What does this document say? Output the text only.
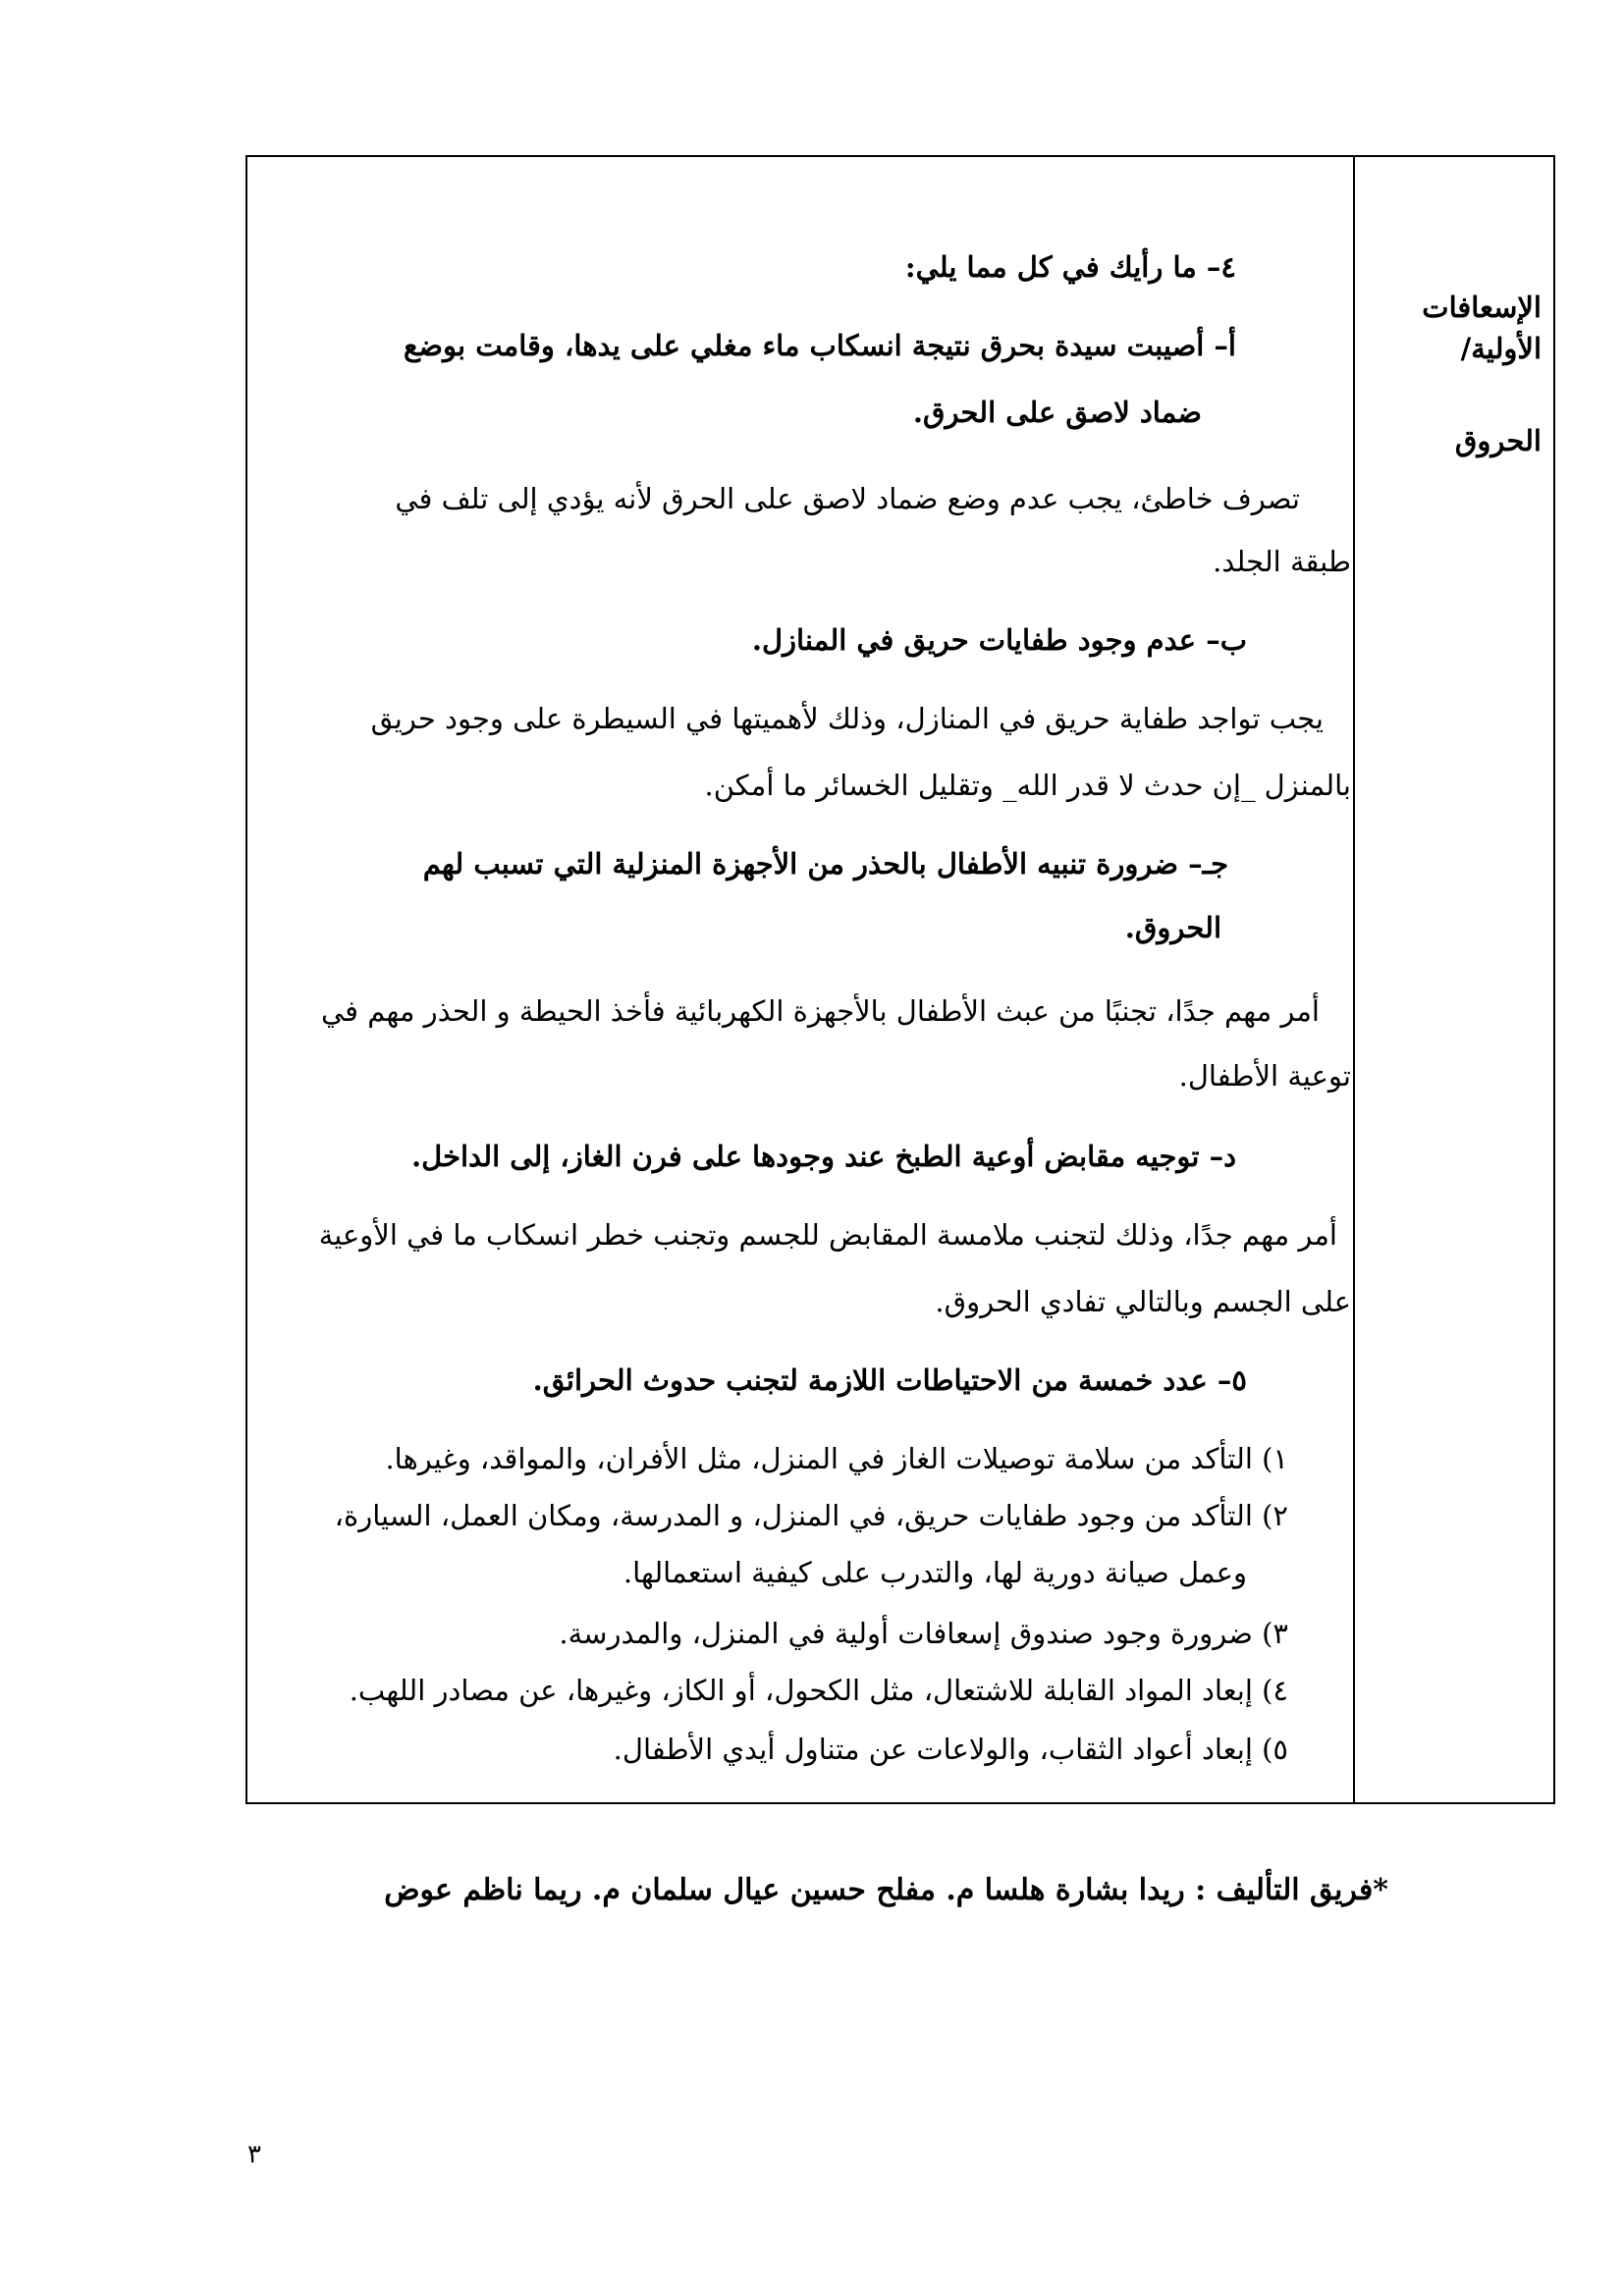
الإسعافات
الأولية/
الحروق
٤– ما رأيك في كل مما يلي:
أ– أصيبت سيدة بحرق نتيجة انسكاب ماء مغلي على يدها، وقامت بوضع
ضماد لاصق على الحرق.
تصرف خاطئ، يجب عدم وضع ضماد لاصق على الحرق لأنه يؤدي إلى تلف في
طبقة الجلد.
ب– عدم وجود طفايات حريق في المنازل.
يجب تواجد طفاية حريق في المنازل، وذلك لأهميتها في السيطرة على وجود حريق
بالمنزل _إن حدث لا قدر الله_ وتقليل الخسائر ما أمكن.
جـ– ضرورة تنبيه الأطفال بالحذر من الأجهزة المنزلية التي تسبب لهم
الحروق.
أمر مهم جدًا، تجنبًا من عبث الأطفال بالأجهزة الكهربائية فأخذ الحيطة و الحذر مهم في
توعية الأطفال.
د– توجيه مقابض أوعية الطبخ عند وجودها على فرن الغاز، إلى الداخل.
أمر مهم جدًا، وذلك لتجنب ملامسة المقابض للجسم وتجنب خطر انسكاب ما في الأوعية
على الجسم وبالتالي تفادي الحروق.
٥– عدد خمسة من الاحتياطات اللازمة لتجنب حدوث الحرائق.
١) التأكد من سلامة توصيلات الغاز في المنزل، مثل الأفران، والمواقد، وغيرها.
٢) التأكد من وجود طفايات حريق، في المنزل، و المدرسة، ومكان العمل، السيارة،
وعمل صيانة دورية لها، والتدرب على كيفية استعمالها.
٣) ضرورة وجود صندوق إسعافات أولية في المنزل، والمدرسة.
٤) إبعاد المواد القابلة للاشتعال، مثل الكحول، أو الكاز، وغيرها، عن مصادر اللهب.
٥) إبعاد أعواد الثقاب، والولاعات عن متناول أيدي الأطفال.
*فريق التأليف : ريدا بشارة هلسا م. مفلح حسين عيال سلمان م. ريما ناظم عوض
٣
